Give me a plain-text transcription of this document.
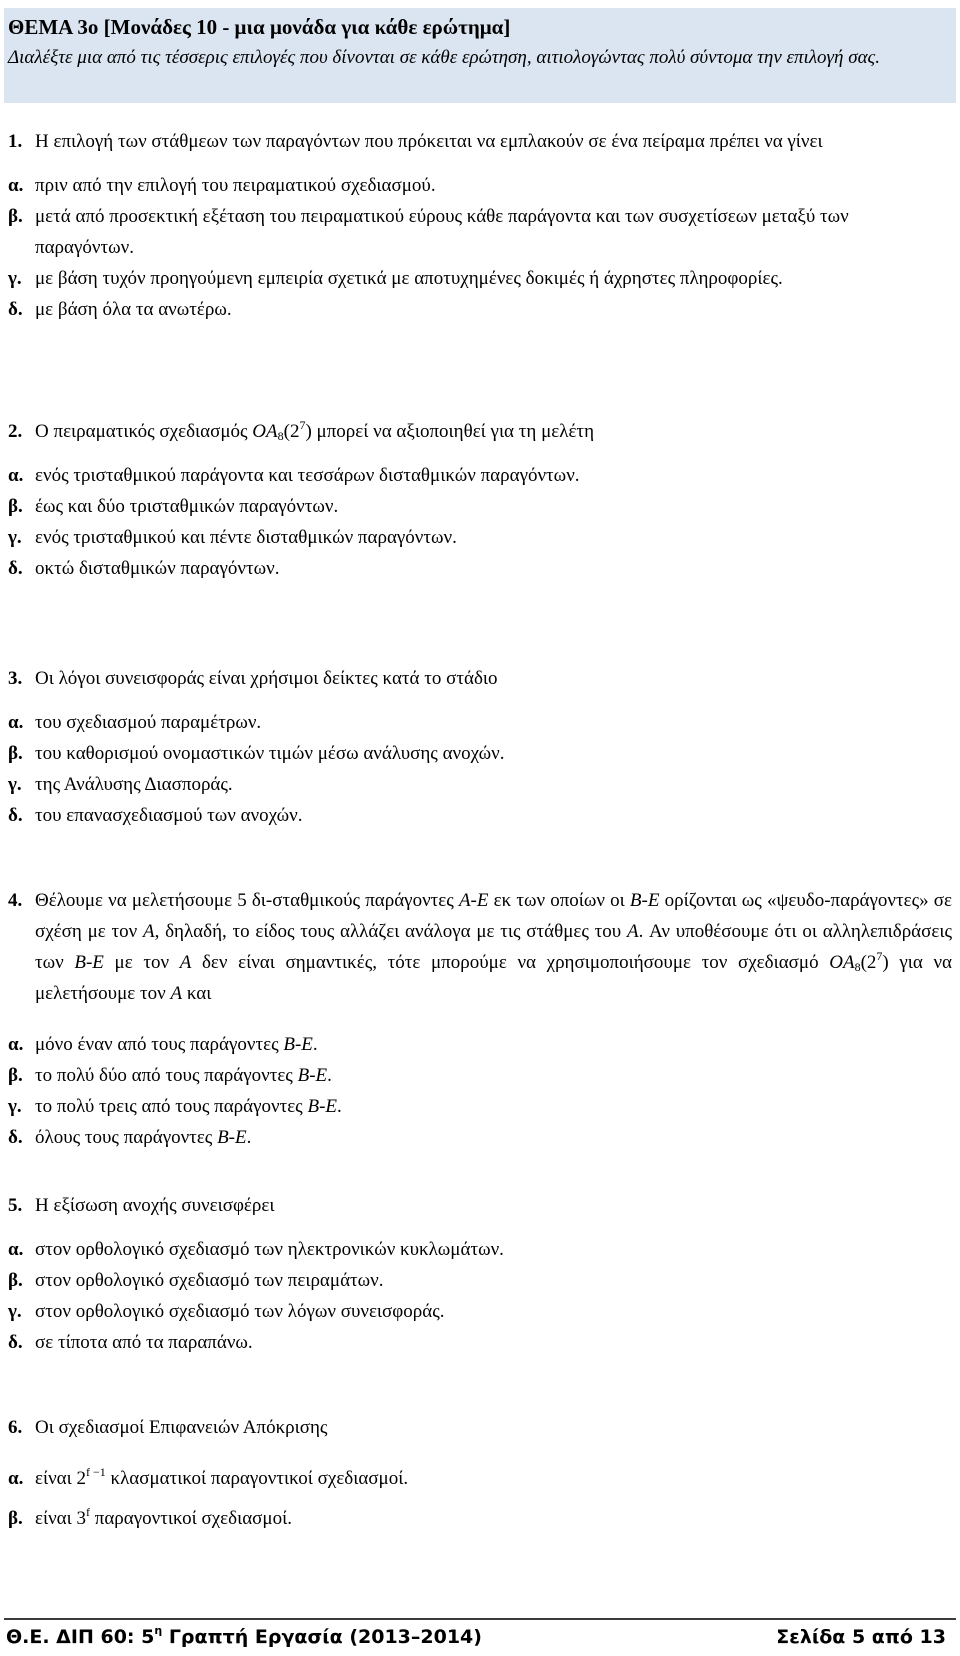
ΘΕΜΑ 3ο [Μονάδες 10 - μια μονάδα για κάθε ερώτημα]
Διαλέξτε μια από τις τέσσερις επιλογές που δίνονται σε κάθε ερώτηση, αιτιολογώντας πολύ σύντομα την επιλογή σας.
1. Η επιλογή των στάθμεων των παραγόντων που πρόκειται να εμπλακούν σε ένα πείραμα πρέπει να γίνει
α. πριν από την επιλογή του πειραματικού σχεδιασμού.
β. μετά από προσεκτική εξέταση του πειραματικού εύρους κάθε παράγοντα και των συσχετίσεων μεταξύ των παραγόντων.
γ. με βάση τυχόν προηγούμενη εμπειρία σχετικά με αποτυχημένες δοκιμές ή άχρηστες πληροφορίες.
δ. με βάση όλα τα ανωτέρω.
2. Ο πειραματικός σχεδιασμός $OA_8(2^7)$ μπορεί να αξιοποιηθεί για τη μελέτη
α. ενός τρισταθμικού παράγοντα και τεσσάρων δισταθμικών παραγόντων.
β. έως και δύο τρισταθμικών παραγόντων.
γ. ενός τρισταθμικού και πέντε δισταθμικών παραγόντων.
δ. οκτώ δισταθμικών παραγόντων.
3. Οι λόγοι συνεισφοράς είναι χρήσιμοι δείκτες κατά το στάδιο
α. του σχεδιασμού παραμέτρων.
β. του καθορισμού ονομαστικών τιμών μέσω ανάλυσης ανοχών.
γ. της Ανάλυσης Διασποράς.
δ. του επανασχεδιασμού των ανοχών.
4. Θέλουμε να μελετήσουμε 5 δι-σταθμικούς παράγοντες A-E εκ των οποίων οι B-E ορίζονται ως «ψευδο-παράγοντες» σε σχέση με τον A, δηλαδή, το είδος τους αλλάζει ανάλογα με τις στάθμες του A. Αν υποθέσουμε ότι οι αλληλεπιδράσεις των B-E με τον A δεν είναι σημαντικές, τότε μπορούμε να χρησιμοποιήσουμε τον σχεδιασμό $OA_8(2^7)$ για να μελετήσουμε τον A και
α. μόνο έναν από τους παράγοντες B-E.
β. το πολύ δύο από τους παράγοντες B-E.
γ. το πολύ τρεις από τους παράγοντες B-E.
δ. όλους τους παράγοντες B-E.
5. Η εξίσωση ανοχής συνεισφέρει
α. στον ορθολογικό σχεδιασμό των ηλεκτρονικών κυκλωμάτων.
β. στον ορθολογικό σχεδιασμό των πειραμάτων.
γ. στον ορθολογικό σχεδιασμό των λόγων συνεισφοράς.
δ. σε τίποτα από τα παραπάνω.
6. Οι σχεδιασμοί Επιφανειών Απόκρισης
α. είναι $2^{f -1}$ κλασματικοί παραγοντικοί σχεδιασμοί.
β. είναι 3$^f$ παραγοντικοί σχεδιασμοί.
Θ.Ε. ΔΙΠ 60: $5^\eta$ Γραπτή Εργασία (2013–2014)	Σελίδα 5 από 13
